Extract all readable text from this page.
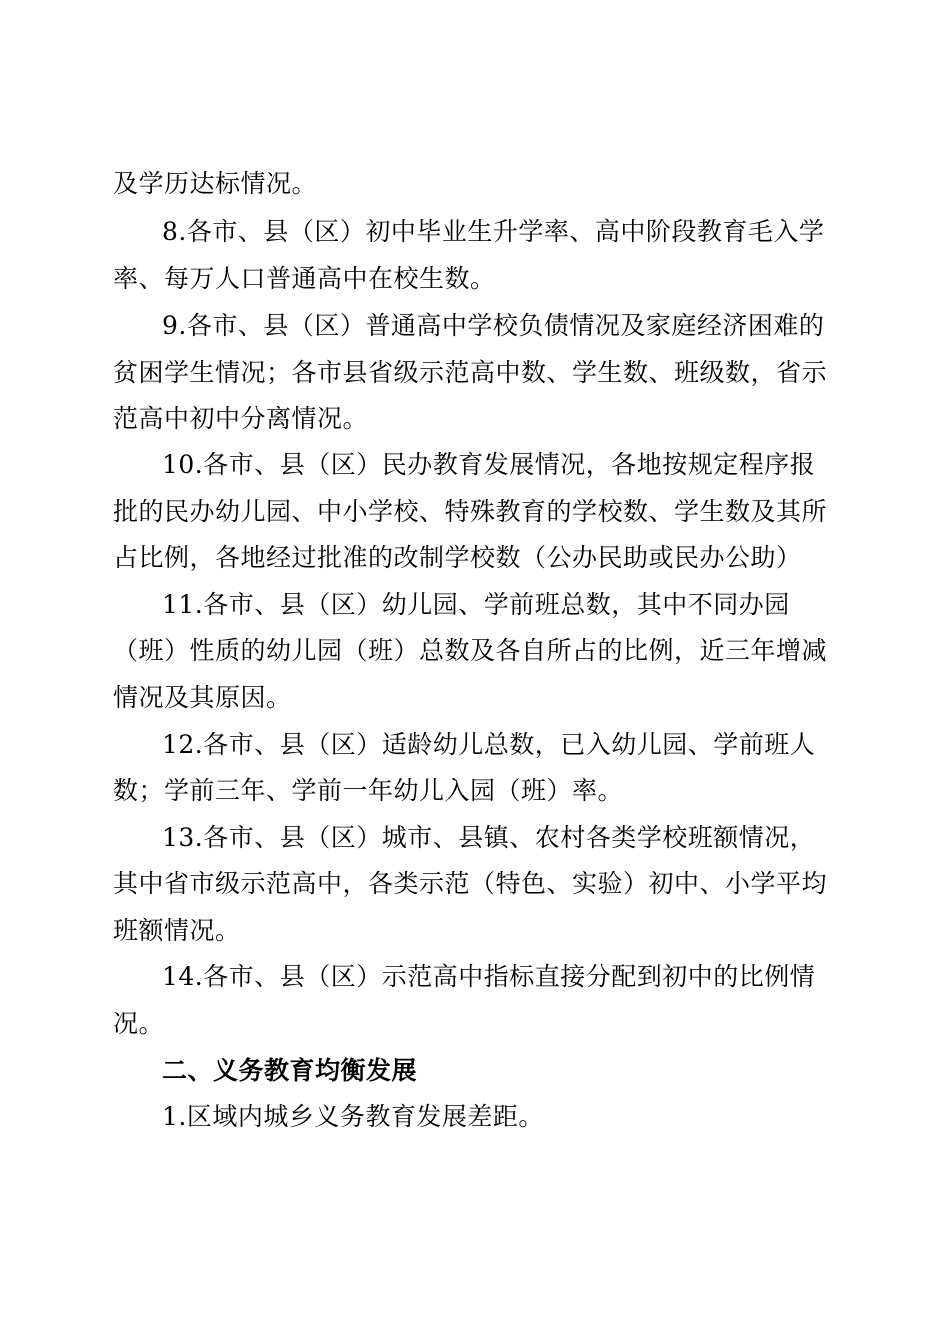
及学历达标情况。
8.各市、县（区）初中毕业生升学率、高中阶段教育毛入学
率、每万人口普通高中在校生数。
9.各市、县（区）普通高中学校负债情况及家庭经济困难的
贫困学生情况；各市县省级示范高中数、学生数、班级数，省示
范高中初中分离情况。
10.各市、县（区）民办教育发展情况，各地按规定程序报
批的民办幼儿园、中小学校、特殊教育的学校数、学生数及其所
占比例，各地经过批准的改制学校数（公办民助或民办公助）
11.各市、县（区）幼儿园、学前班总数，其中不同办园
（班）性质的幼儿园（班）总数及各自所占的比例，近三年增减
情况及其原因。
12.各市、县（区）适龄幼儿总数，已入幼儿园、学前班人
数；学前三年、学前一年幼儿入园（班）率。
13.各市、县（区）城市、县镇、农村各类学校班额情况，
其中省市级示范高中，各类示范（特色、实验）初中、小学平均
班额情况。
14.各市、县（区）示范高中指标直接分配到初中的比例情
况。
二、义务教育均衡发展
1.区域内城乡义务教育发展差距。
